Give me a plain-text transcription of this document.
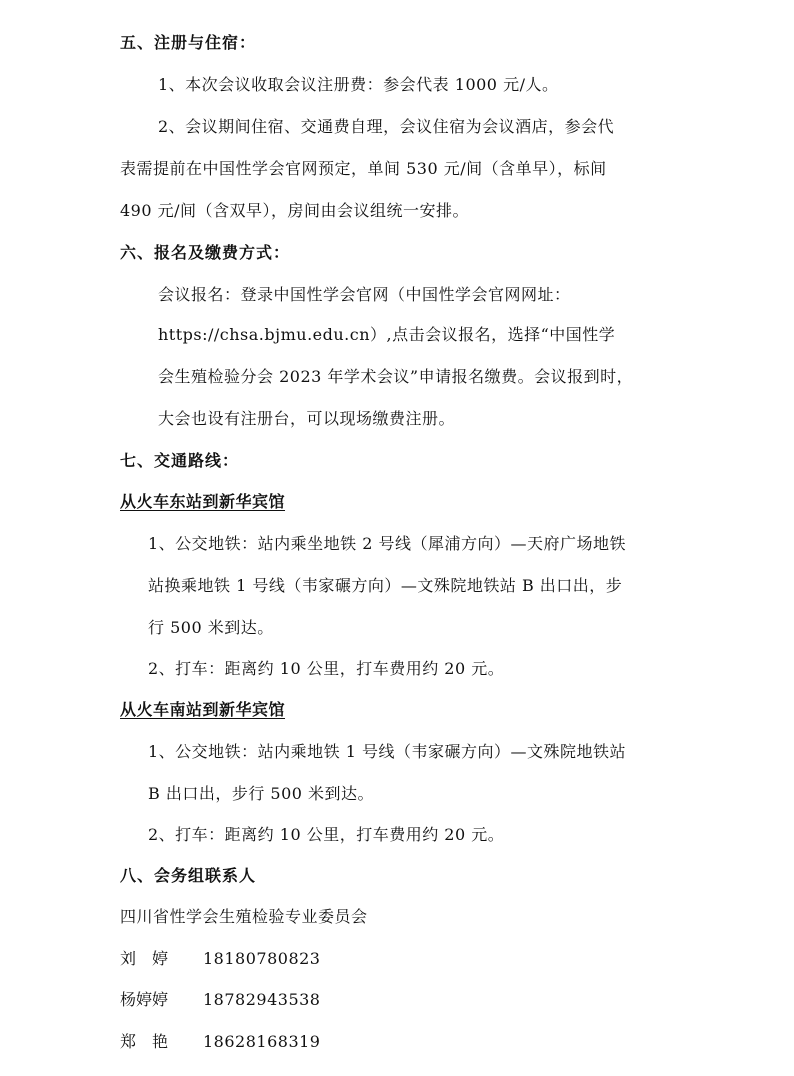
五、注册与住宿：
1、本次会议收取会议注册费：参会代表 1000 元/人。
2、会议期间住宿、交通费自理，会议住宿为会议酒店，参会代
表需提前在中国性学会官网预定，单间 530 元/间（含单早），标间
490 元/间（含双早），房间由会议组统一安排。
六、报名及缴费方式：
会议报名：登录中国性学会官网（中国性学会官网网址：
https://chsa.bjmu.edu.cn）,点击会议报名，选择“中国性学
会生殖检验分会 2023 年学术会议”申请报名缴费。会议报到时，
大会也设有注册台，可以现场缴费注册。
七、交通路线：
从火车东站到新华宾馆
1、公交地铁：站内乘坐地铁 2 号线（犀浦方向）—天府广场地铁
站换乘地铁 1 号线（韦家碾方向）—文殊院地铁站 B 出口出，步
行 500 米到达。
2、打车：距离约 10 公里，打车费用约 20 元。
从火车南站到新华宾馆
1、公交地铁：站内乘地铁 1 号线（韦家碾方向）—文殊院地铁站
B 出口出，步行 500 米到达。
2、打车：距离约 10 公里，打车费用约 20 元。
八、会务组联系人
四川省性学会生殖检验专业委员会
刘　婷 18180780823
杨婷婷 18782943538
郑　艳 18628168319
